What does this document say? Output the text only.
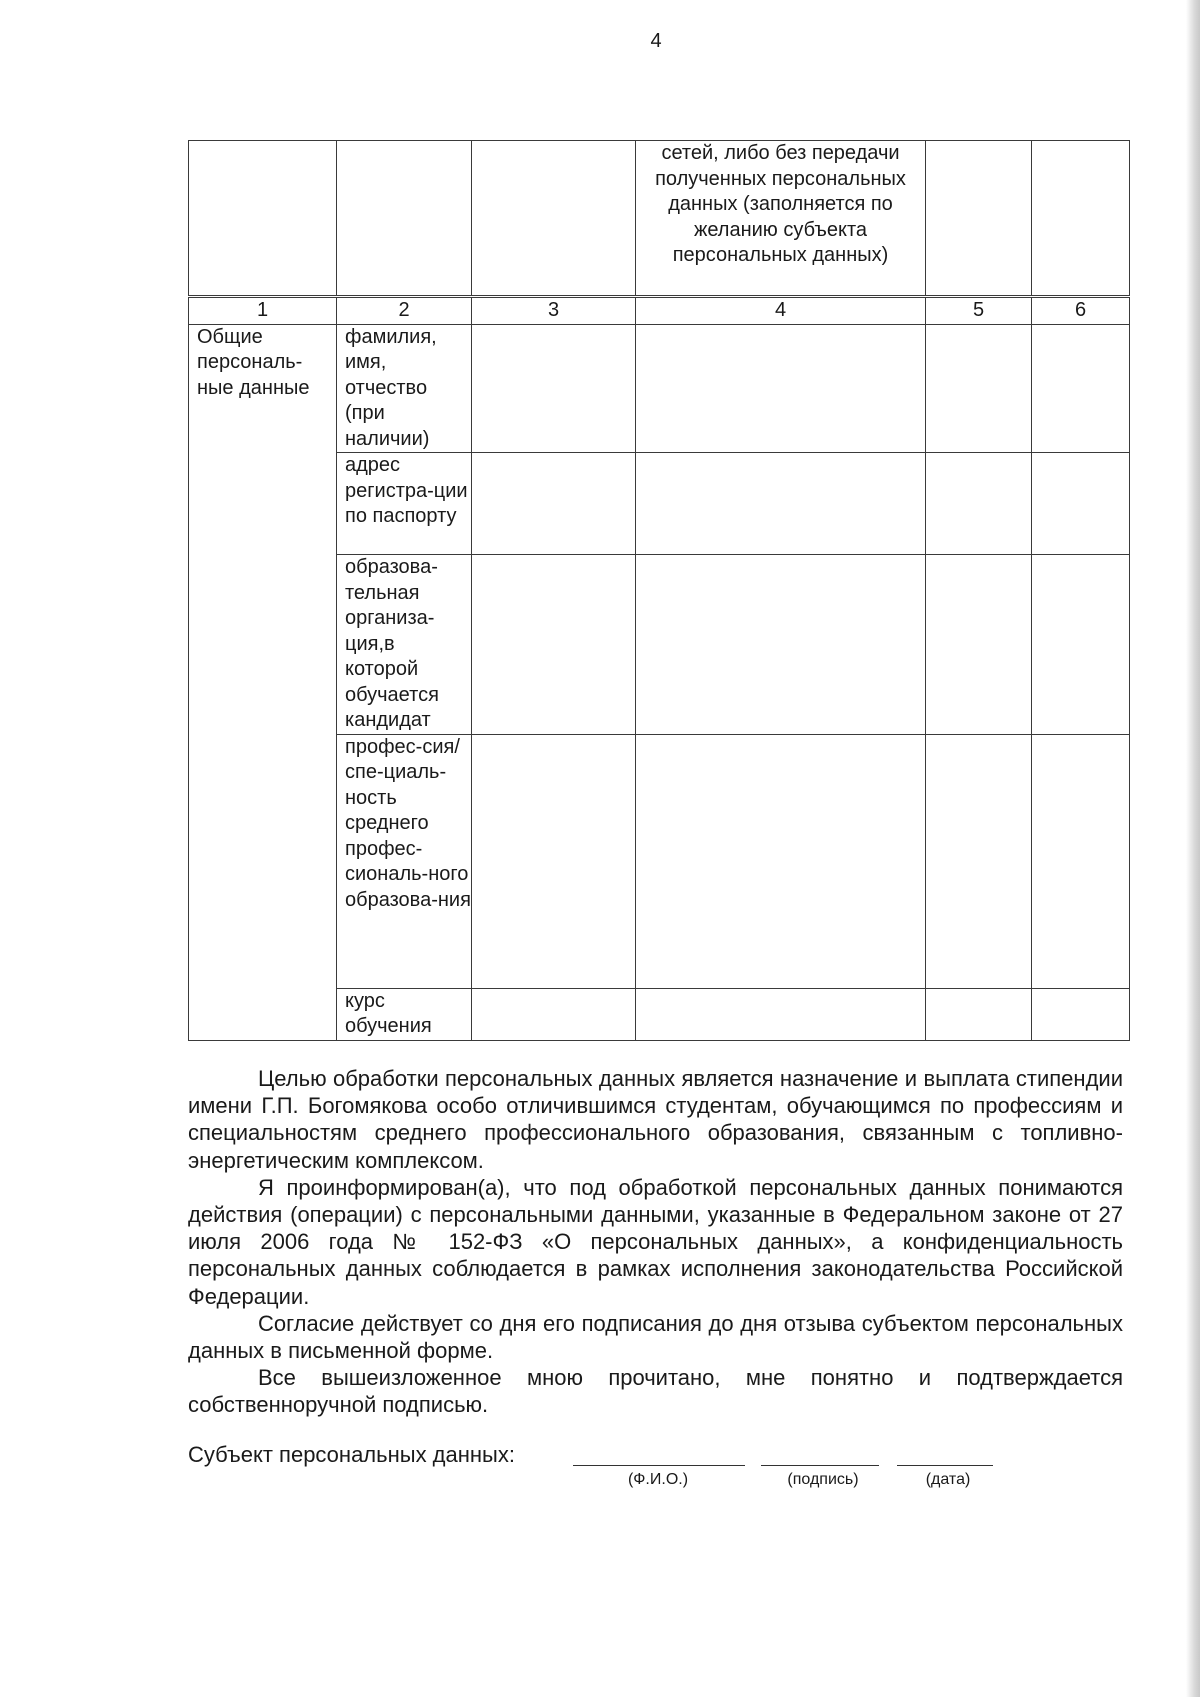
4
			сетей, либо без передачи полученных персональных данных (заполняется по желанию субъекта персональных данных)		
1	2	3	4	5	6
Общие персональ-ные данные	фамилия, имя, отчество (при наличии)				
	адрес регистра-ции по паспорту				
	образова-тельная организа-ция,в которой обучается кандидат				
	профес-сия/спе-циаль-ность среднего профес-сиональ-ного образова-ния				
	курс обучения				

Целью обработки персональных данных является назначение и выплата стипендии имени Г.П. Богомякова особо отличившимся студентам, обучающимся по профессиям и специальностям среднего профессионального образования, связанным с топливно-энергетическим комплексом.

Я проинформирован(а), что под обработкой персональных данных понимаются действия (операции) с персональными данными, указанные в Федеральном законе от 27 июля 2006 года № 152-ФЗ «О персональных данных», а конфиденциальность персональных данных соблюдается в рамках исполнения законодательства Российской Федерации.

Согласие действует со дня его подписания до дня отзыва субъектом персональных данных в письменной форме.

Все вышеизложенное мною прочитано, мне понятно и подтверждается собственноручной подписью.

Субъект персональных данных:
(Ф.И.О.)	(подпись)	(дата)
